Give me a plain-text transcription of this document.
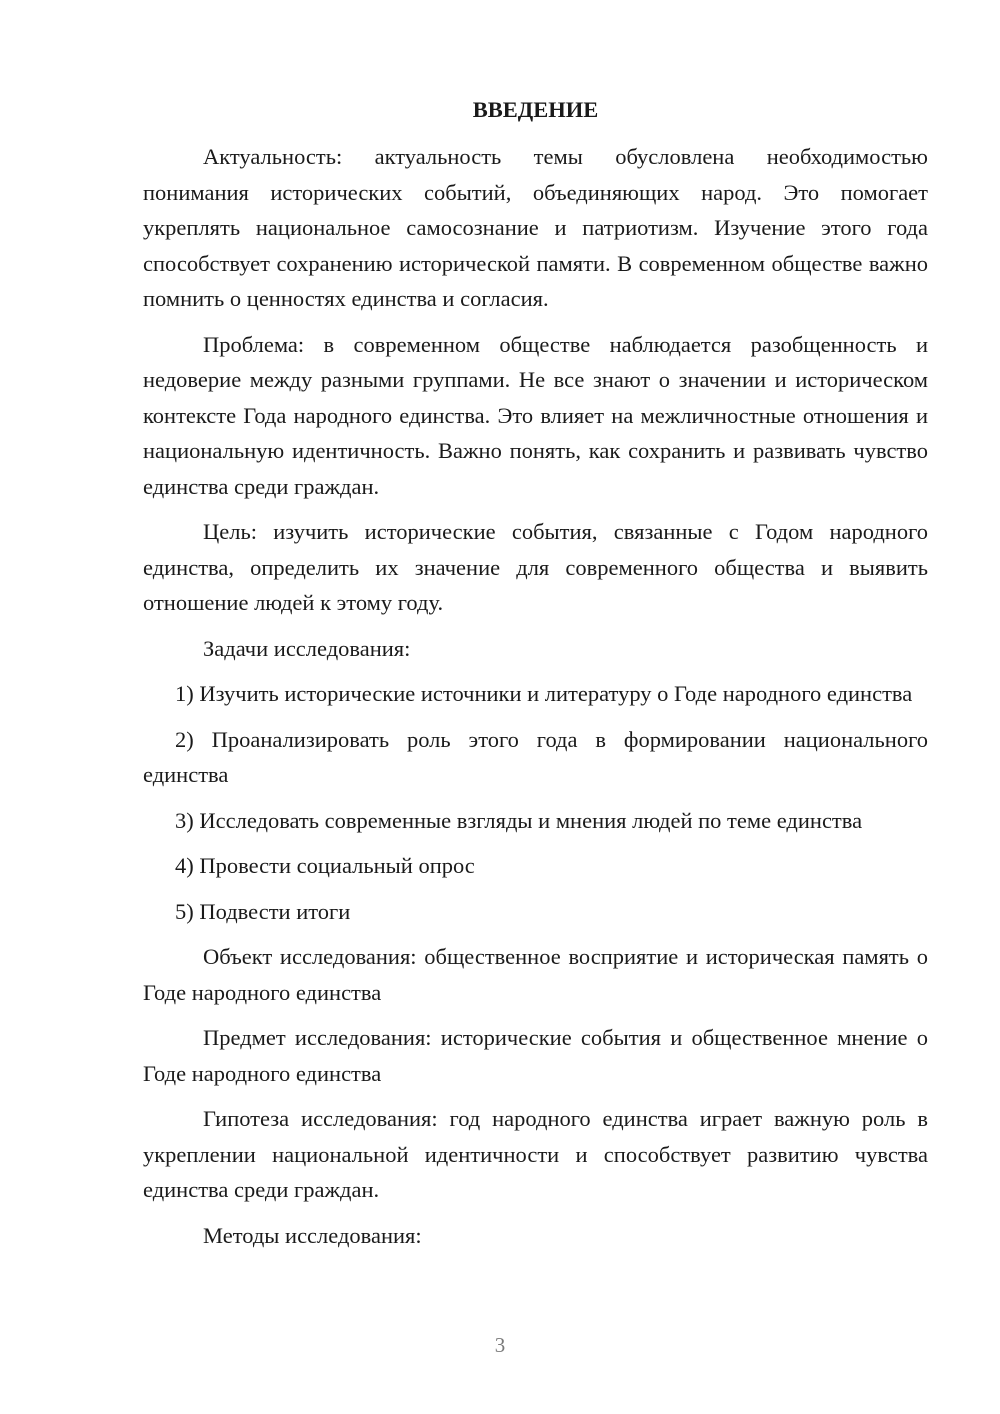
ВВЕДЕНИЕ

Актуальность: актуальность темы обусловлена необходимостью понимания исторических событий, объединяющих народ. Это помогает укреплять национальное самосознание и патриотизм. Изучение этого года способствует сохранению исторической памяти. В современном обществе важно помнить о ценностях единства и согласия.

Проблема: в современном обществе наблюдается разобщенность и недоверие между разными группами. Не все знают о значении и историческом контексте Года народного единства. Это влияет на межличностные отношения и национальную идентичность. Важно понять, как сохранить и развивать чувство единства среди граждан.

Цель: изучить исторические события, связанные с Годом народного единства, определить их значение для современного общества и выявить отношение людей к этому году.

Задачи исследования:

1) Изучить исторические источники и литературу о Годе народного единства

2) Проанализировать роль этого года в формировании национального единства

3) Исследовать современные взгляды и мнения людей по теме единства

4) Провести социальный опрос

5) Подвести итоги

Объект исследования: общественное восприятие и историческая память о Годе народного единства

Предмет исследования: исторические события и общественное мнение о Годе народного единства

Гипотеза исследования: год народного единства играет важную роль в укреплении национальной идентичности и способствует развитию чувства единства среди граждан.

Методы исследования:

3
